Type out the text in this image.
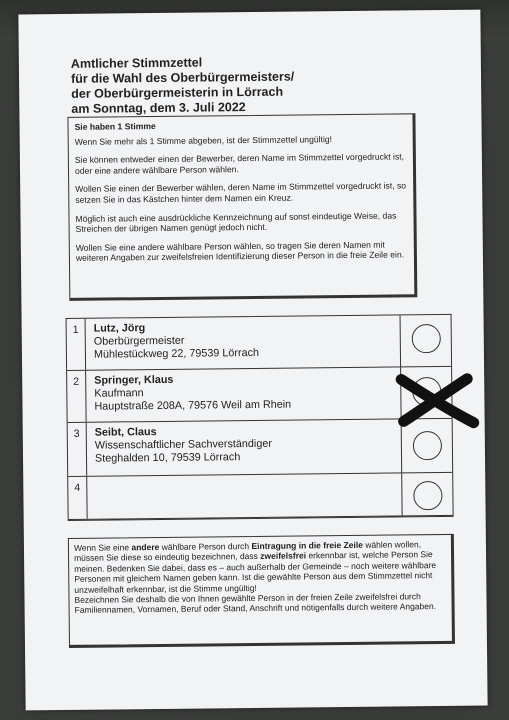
Amtlicher Stimmzettel
für die Wahl des Oberbürgermeisters/
der Oberbürgermeisterin in Lörrach
am Sonntag, dem 3. Juli 2022
Sie haben 1 Stimme

Wenn Sie mehr als 1 Stimme abgeben, ist der Stimmzettel ungültig!

Sie können entweder einen der Bewerber, deren Name im Stimmzettel vorgedruckt ist, oder eine andere wählbare Person wählen.

Wollen Sie einen der Bewerber wählen, deren Name im Stimmzettel vorgedruckt ist, so setzen Sie in das Kästchen hinter dem Namen ein Kreuz.

Möglich ist auch eine ausdrückliche Kennzeichnung auf sonst eindeutige Weise, das Streichen der übrigen Namen genügt jedoch nicht.

Wollen Sie eine andere wählbare Person wählen, so tragen Sie deren Namen mit weiteren Angaben zur zweifelsfreien Identifizierung dieser Person in die freie Zeile ein.

1	Lutz, Jörg
Oberbürgermeister
Mühlestückweg 22, 79539 Lörrach
2	Springer, Klaus
Kaufmann
Hauptstraße 208A, 79576 Weil am Rhein
3	Seibt, Claus
Wissenschaftlicher Sachverständiger
Steghalden 10, 79539 Lörrach
4
Wenn Sie eine andere wählbare Person durch Eintragung in die freie Zeile wählen wollen, müssen Sie diese so eindeutig bezeichnen, dass zweifelsfrei erkennbar ist, welche Person Sie meinen. Bedenken Sie dabei, dass es – auch außerhalb der Gemeinde – noch weitere wählbare Personen mit gleichem Namen geben kann. Ist die gewählte Person aus dem Stimmzettel nicht unzweifelhaft erkennbar, ist die Stimme ungültig!
Bezeichnen Sie deshalb die von Ihnen gewählte Person in der freien Zeile zweifelsfrei durch Familiennamen, Vornamen, Beruf oder Stand, Anschrift und nötigenfalls durch weitere Angaben.
